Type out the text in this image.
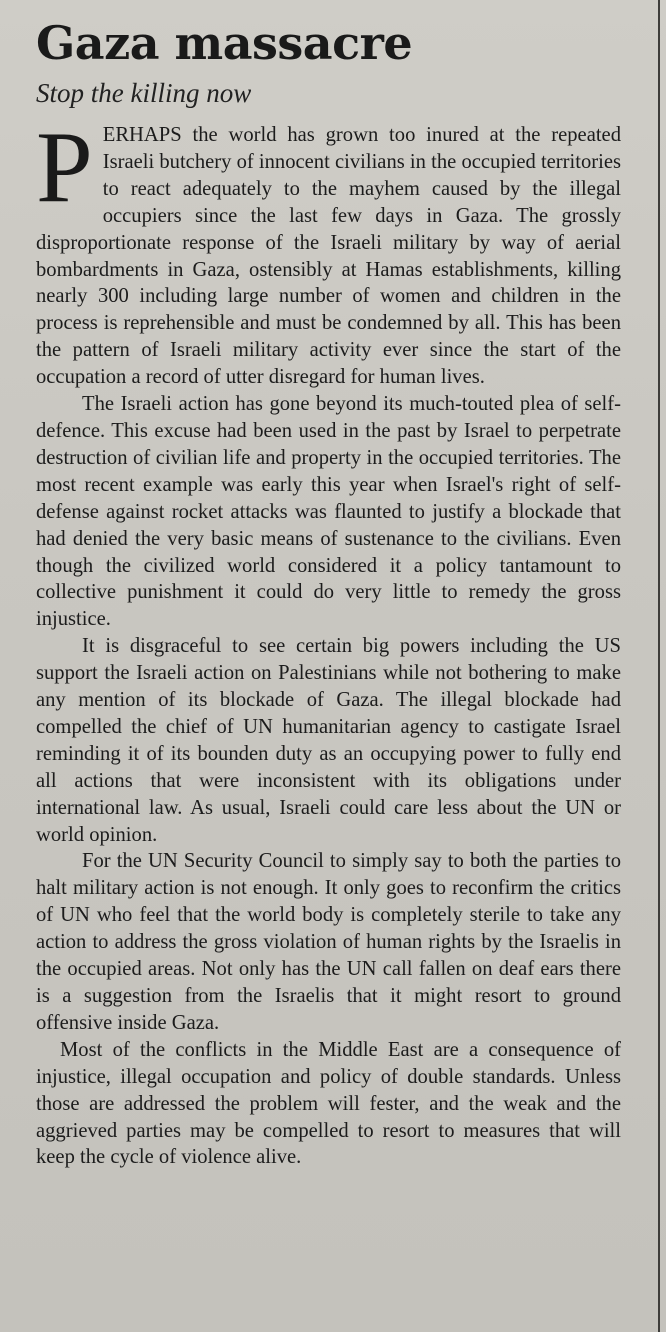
Gaza massacre
Stop the killing now

PERHAPS the world has grown too inured at the repeated Israeli butchery of innocent civilians in the occupied territories to react adequately to the mayhem caused by the illegal occupiers since the last few days in Gaza. The grossly disproportionate response of the Israeli military by way of aerial bombardments in Gaza, ostensibly at Hamas establishments, killing nearly 300 including large number of women and children in the process is reprehensible and must be condemned by all. This has been the pattern of Israeli military activity ever since the start of the occupation a record of utter disregard for human lives.

The Israeli action has gone beyond its much-touted plea of self-defence. This excuse had been used in the past by Israel to perpetrate destruction of civilian life and property in the occupied territories. The most recent example was early this year when Israel's right of self-defense against rocket attacks was flaunted to justify a blockade that had denied the very basic means of sustenance to the civilians. Even though the civilized world considered it a policy tantamount to collective punishment it could do very little to remedy the gross injustice.

It is disgraceful to see certain big powers including the US support the Israeli action on Palestinians while not bothering to make any mention of its blockade of Gaza. The illegal blockade had compelled the chief of UN humanitarian agency to castigate Israel reminding it of its bounden duty as an occupying power to fully end all actions that were inconsistent with its obligations under international law. As usual, Israeli could care less about the UN or world opinion.

For the UN Security Council to simply say to both the parties to halt military action is not enough. It only goes to reconfirm the critics of UN who feel that the world body is completely sterile to take any action to address the gross violation of human rights by the Israelis in the occupied areas. Not only has the UN call fallen on deaf ears there is a suggestion from the Israelis that it might resort to ground offensive inside Gaza.

Most of the conflicts in the Middle East are a consequence of injustice, illegal occupation and policy of double standards. Unless those are addressed the problem will fester, and the weak and the aggrieved parties may be compelled to resort to measures that will keep the cycle of violence alive.
